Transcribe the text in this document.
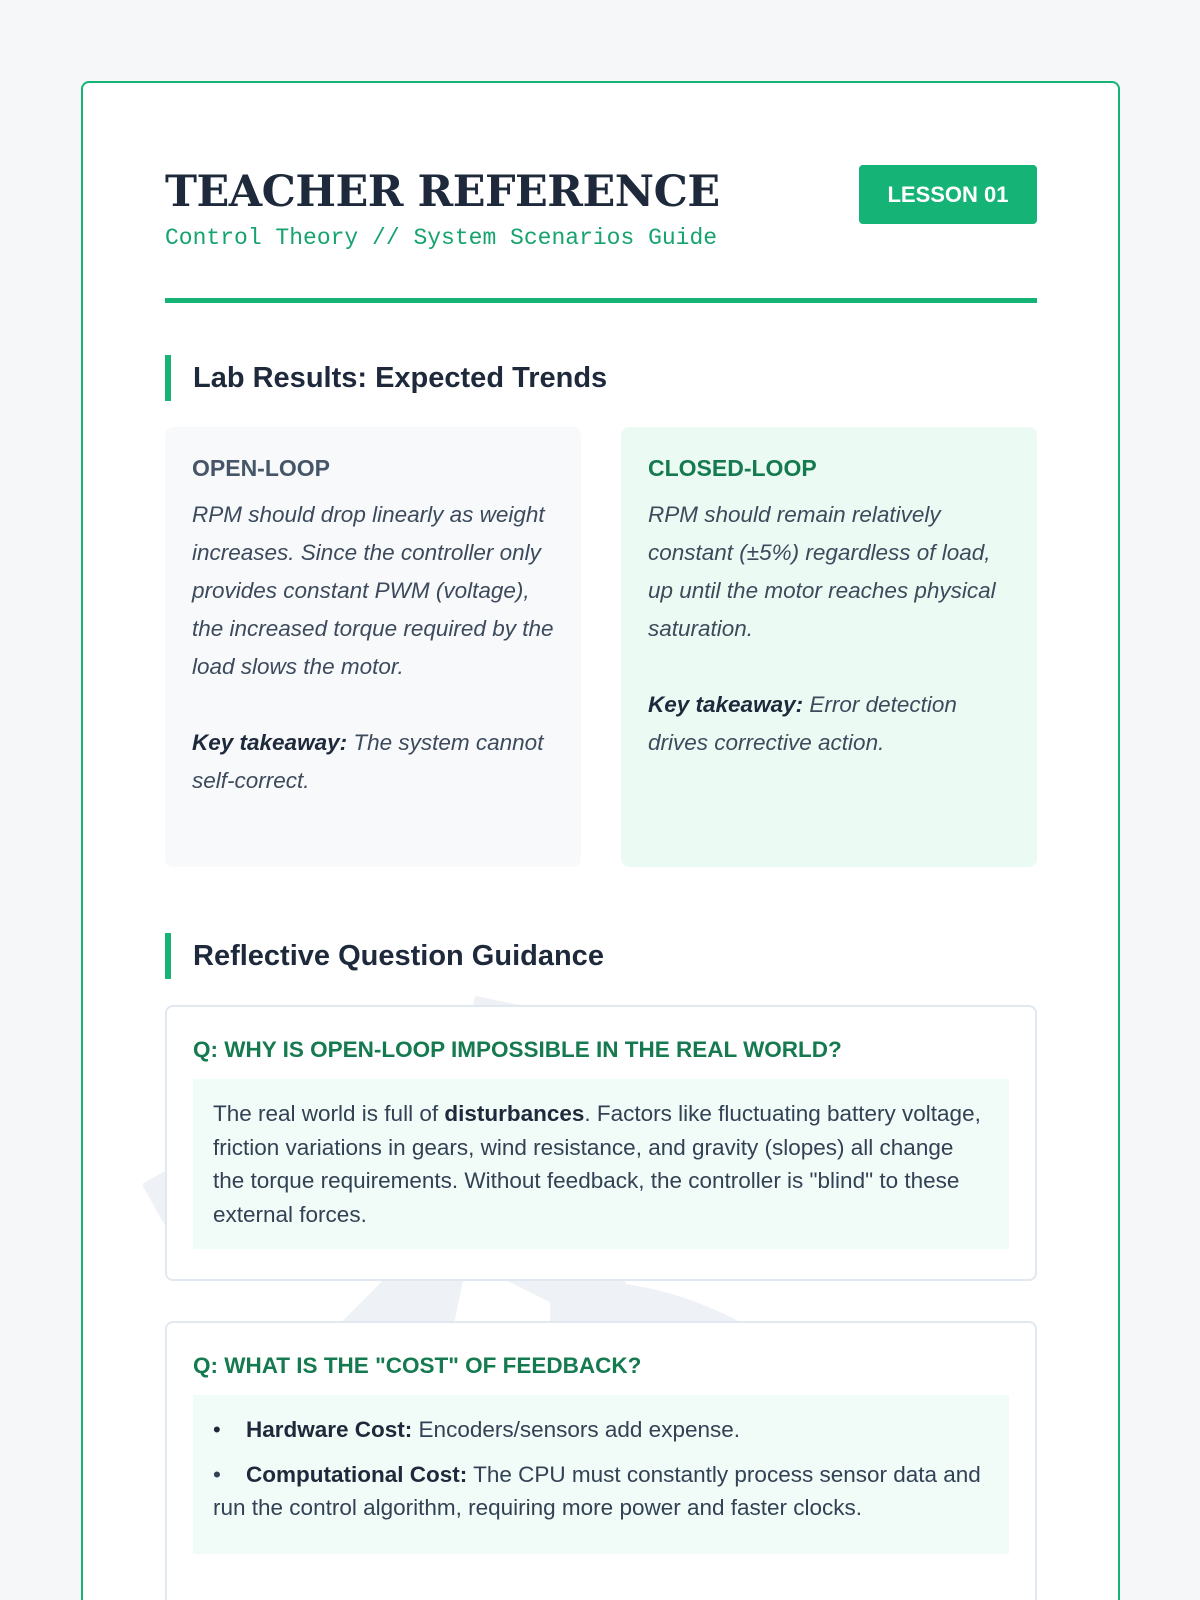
TEACHER REFERENCE
Control Theory // System Scenarios Guide
LESSON 01
Lab Results: Expected Trends
OPEN-LOOP

RPM should drop linearly as weight increases. Since the controller only provides constant PWM (voltage), the increased torque required by the load slows the motor.

Key takeaway: The system cannot self-correct.

CLOSED-LOOP

RPM should remain relatively constant (±5%) regardless of load, up until the motor reaches physical saturation.

Key takeaway: Error detection drives corrective action.

Reflective Question Guidance
Q: WHY IS OPEN-LOOP IMPOSSIBLE IN THE REAL WORLD?
The real world is full of disturbances. Factors like fluctuating battery voltage, friction variations in gears, wind resistance, and gravity (slopes) all change the torque requirements. Without feedback, the controller is "blind" to these external forces.
Q: WHAT IS THE "COST" OF FEEDBACK?
• Hardware Cost: Encoders/sensors add expense.
• Computational Cost: The CPU must constantly process sensor data and run the control algorithm, requiring more power and faster clocks.
